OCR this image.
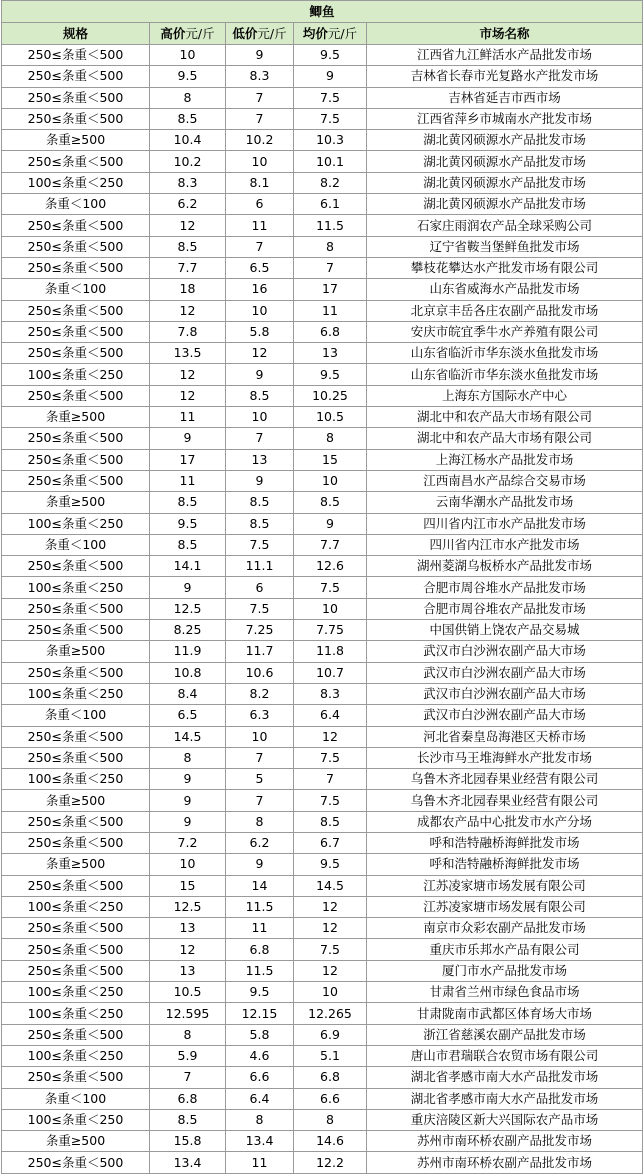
鲫鱼				
规格	高价元/斤	低价元/斤	均价元/斤	市场名称
250≤条重＜500	10	9	9.5	江西省九江鲜活水产品批发市场
250≤条重＜500	9.5	8.3	9	吉林省长春市光复路水产批发市场
250≤条重＜500	8	7	7.5	吉林省延吉市西市场
250≤条重＜500	8.5	7	7.5	江西省萍乡市城南水产批发市场
条重≥500	10.4	10.2	10.3	湖北黄冈硕源水产品批发市场
250≤条重＜500	10.2	10	10.1	湖北黄冈硕源水产品批发市场
100≤条重＜250	8.3	8.1	8.2	湖北黄冈硕源水产品批发市场
条重＜100	6.2	6	6.1	湖北黄冈硕源水产品批发市场
250≤条重＜500	12	11	11.5	石家庄雨润农产品全球采购公司
250≤条重＜500	8.5	7	8	辽宁省鞍当堡鲜鱼批发市场
250≤条重＜500	7.7	6.5	7	攀枝花攀达水产批发市场有限公司
条重＜100	18	16	17	山东省威海水产品批发市场
250≤条重＜500	12	10	11	北京京丰岳各庄农副产品批发市场
250≤条重＜500	7.8	5.8	6.8	安庆市皖宜季牛水产养殖有限公司
250≤条重＜500	13.5	12	13	山东省临沂市华东淡水鱼批发市场
100≤条重＜250	12	9	9.5	山东省临沂市华东淡水鱼批发市场
250≤条重＜500	12	8.5	10.25	上海东方国际水产中心
条重≥500	11	10	10.5	湖北中和农产品大市场有限公司
250≤条重＜500	9	7	8	湖北中和农产品大市场有限公司
250≤条重＜500	17	13	15	上海江杨水产品批发市场
250≤条重＜500	11	9	10	江西南昌水产品综合交易市场
条重≥500	8.5	8.5	8.5	云南华潮水产品批发市场
100≤条重＜250	9.5	8.5	9	四川省内江市水产品批发市场
条重＜100	8.5	7.5	7.7	四川省内江市水产批发市场
250≤条重＜500	14.1	11.1	12.6	湖州菱湖乌板桥水产品批发市场
100≤条重＜250	9	6	7.5	合肥市周谷堆水产品批发市场
250≤条重＜500	12.5	7.5	10	合肥市周谷堆农产品批发市场
250≤条重＜500	8.25	7.25	7.75	中国供销上饶农产品交易城
条重≥500	11.9	11.7	11.8	武汉市白沙洲农副产品大市场
250≤条重＜500	10.8	10.6	10.7	武汉市白沙洲农副产品大市场
100≤条重＜250	8.4	8.2	8.3	武汉市白沙洲农副产品大市场
条重＜100	6.5	6.3	6.4	武汉市白沙洲农副产品大市场
250≤条重＜500	14.5	10	12	河北省秦皇岛海港区天桥市场
250≤条重＜500	8	7	7.5	长沙市马王堆海鲜水产批发市场
100≤条重＜250	9	5	7	乌鲁木齐北园春果业经营有限公司
条重≥500	9	7	7.5	乌鲁木齐北园春果业经营有限公司
250≤条重＜500	9	8	8.5	成都农产品中心批发市水产分场
250≤条重＜500	7.2	6.2	6.7	呼和浩特融桥海鲜批发市场
条重≥500	10	9	9.5	呼和浩特融桥海鲜批发市场
250≤条重＜500	15	14	14.5	江苏凌家塘市场发展有限公司
100≤条重＜250	12.5	11.5	12	江苏凌家塘市场发展有限公司
250≤条重＜500	13	11	12	南京市众彩农副产品批发市场
250≤条重＜500	12	6.8	7.5	重庆市乐邦水产品有限公司
250≤条重＜500	13	11.5	12	厦门市水产品批发市场
100≤条重＜250	10.5	9.5	10	甘肃省兰州市绿色食品市场
100≤条重＜250	12.595	12.15	12.265	甘肃陇南市武都区体育场大市场
250≤条重＜500	8	5.8	6.9	浙江省慈溪农副产品批发市场
100≤条重＜250	5.9	4.6	5.1	唐山市君瑞联合农贸市场有限公司
250≤条重＜500	7	6.6	6.8	湖北省孝感市南大水产品批发市场
条重＜100	6.8	6.4	6.6	湖北省孝感市南大水产品批发市场
100≤条重＜250	8.5	8	8	重庆涪陵区新大兴国际农产品市场
条重≥500	15.8	13.4	14.6	苏州市南环桥农副产品批发市场
250≤条重＜500	13.4	11	12.2	苏州市南环桥农副产品批发市场
